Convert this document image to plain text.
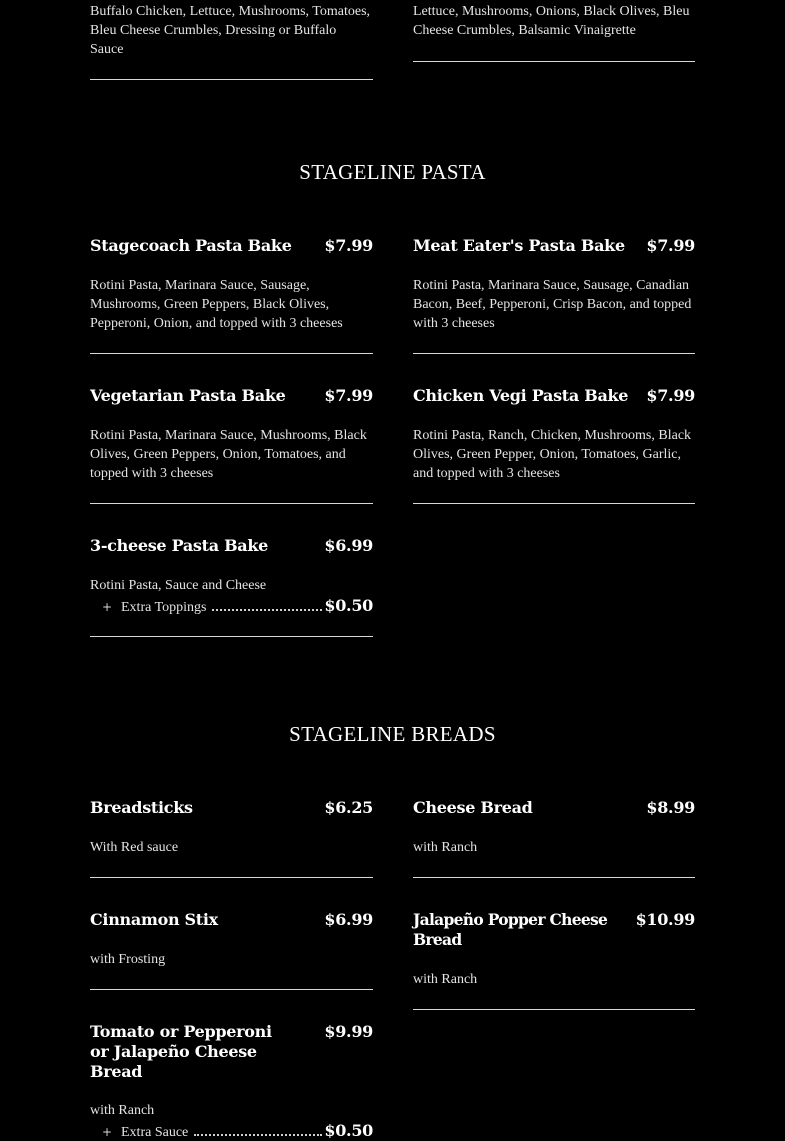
Buffalo Chicken, Lettuce, Mushrooms, Tomatoes, Bleu Cheese Crumbles, Dressing or Buffalo Sauce
Lettuce, Mushrooms, Onions, Black Olives, Bleu Cheese Crumbles, Balsamic Vinaigrette
STAGELINE PASTA
Stagecoach Pasta Bake $7.99
Rotini Pasta, Marinara Sauce, Sausage, Mushrooms, Green Peppers, Black Olives, Pepperoni, Onion, and topped with 3 cheeses
Meat Eater's Pasta Bake $7.99
Rotini Pasta, Marinara Sauce, Sausage, Canadian Bacon, Beef, Pepperoni, Crisp Bacon, and topped with 3 cheeses
Vegetarian Pasta Bake $7.99
Rotini Pasta, Marinara Sauce, Mushrooms, Black Olives, Green Peppers, Onion, Tomatoes, and topped with 3 cheeses
Chicken Vegi Pasta Bake $7.99
Rotini Pasta, Ranch, Chicken, Mushrooms, Black Olives, Green Pepper, Onion, Tomatoes, Garlic, and topped with 3 cheeses
3-cheese Pasta Bake	$6.99
Rotini Pasta, Sauce and Cheese
+ Extra Toppings	$0.50
STAGELINE BREADS
Breadsticks	$6.25
With Red sauce
Cheese Bread	$8.99
with Ranch
Cinnamon Stix	$6.99
with Frosting
Jalapeño Popper Cheese Bread
$10.99
with Ranch
Tomato or Pepperoni or Jalapeño Cheese Bread
$9.99
with Ranch
+ Extra Sauce	$0.50
